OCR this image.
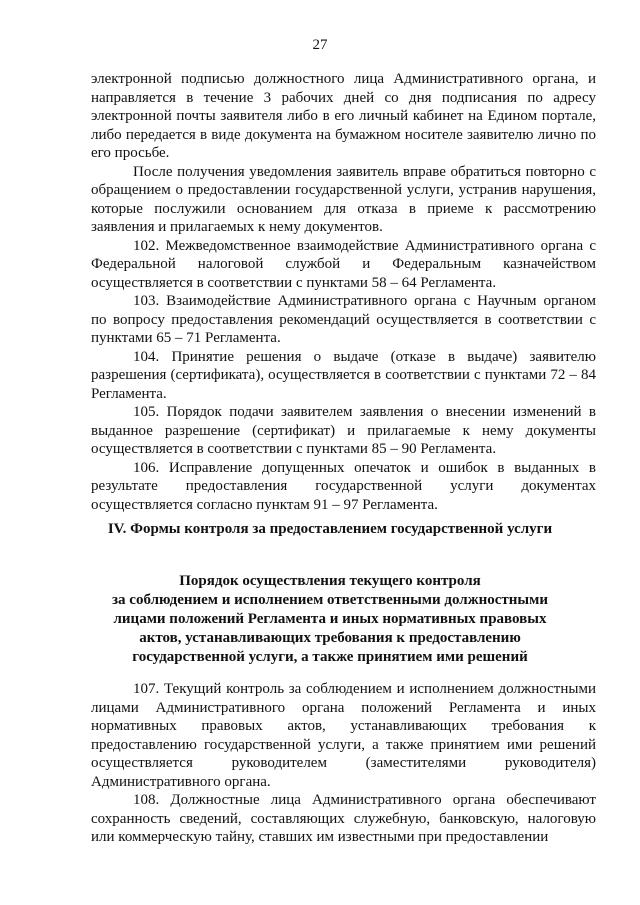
27

электронной подписью должностного лица Административного органа, и направляется в течение 3 рабочих дней со дня подписания по адресу электронной почты заявителя либо в его личный кабинет на Едином портале, либо передается в виде документа на бумажном носителе заявителю лично по его просьбе.

После получения уведомления заявитель вправе обратиться повторно с обращением о предоставлении государственной услуги, устранив нарушения, которые послужили основанием для отказа в приеме к рассмотрению заявления и прилагаемых к нему документов.

102. Межведомственное взаимодействие Административного органа с Федеральной налоговой службой и Федеральным казначейством осуществляется в соответствии с пунктами 58 – 64 Регламента.

103. Взаимодействие Административного органа с Научным органом по вопросу предоставления рекомендаций осуществляется в соответствии с пунктами 65 – 71 Регламента.

104. Принятие решения о выдаче (отказе в выдаче) заявителю разрешения (сертификата), осуществляется в соответствии с пунктами 72 – 84 Регламента.

105. Порядок подачи заявителем заявления о внесении изменений в выданное разрешение (сертификат) и прилагаемые к нему документы осуществляется в соответствии с пунктами 85 – 90 Регламента.

106. Исправление допущенных опечаток и ошибок в выданных в результате предоставления государственной услуги документах осуществляется согласно пунктам 91 – 97 Регламента.

IV. Формы контроля за предоставлением государственной услуги
Порядок осуществления текущего контроля
за соблюдением и исполнением ответственными должностными
лицами положений Регламента и иных нормативных правовых
актов, устанавливающих требования к предоставлению
государственной услуги, а также принятием ими решений

107. Текущий контроль за соблюдением и исполнением должностными лицами Административного органа положений Регламента и иных нормативных правовых актов, устанавливающих требования к предоставлению государственной услуги, а также принятием ими решений осуществляется руководителем (заместителями руководителя) Административного органа.

108. Должностные лица Административного органа обеспечивают сохранность сведений, составляющих служебную, банковскую, налоговую или коммерческую тайну, ставших им известными при предоставлении
